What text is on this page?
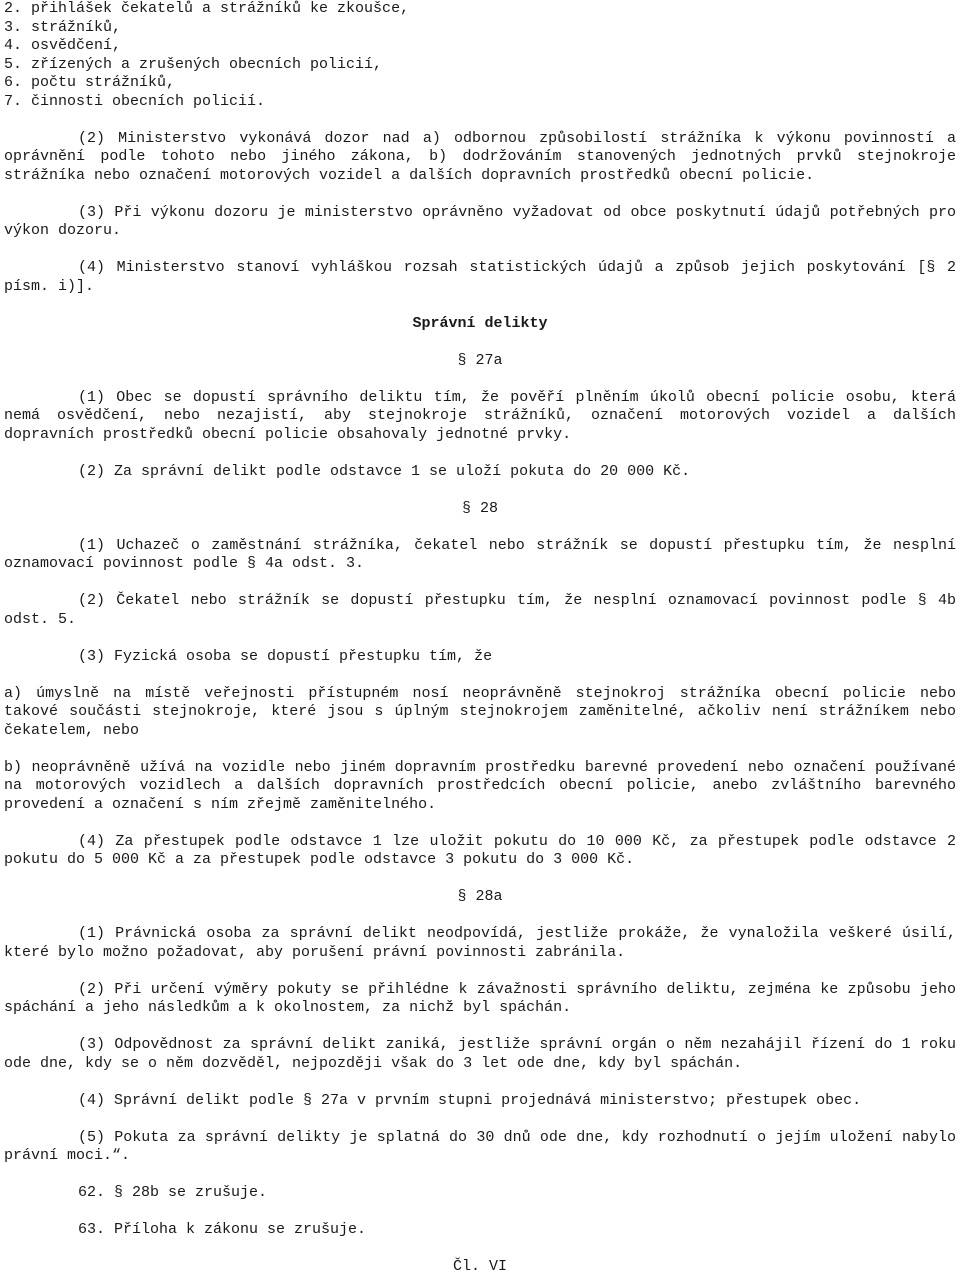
2. přihlášek čekatelů a strážníků ke zkoušce,

3. strážníků,

4. osvědčení,

5. zřízených a zrušených obecních policií,

6. počtu strážníků,

7. činnosti obecních policií.

(2) Ministerstvo vykonává dozor nad a) odbornou způsobilostí strážníka k výkonu povinností a oprávnění podle tohoto nebo jiného zákona, b) dodržováním stanovených jednotných prvků stejnokroje strážníka nebo označení motorových vozidel a dalších dopravních prostředků obecní policie.

(3) Při výkonu dozoru je ministerstvo oprávněno vyžadovat od obce poskytnutí údajů potřebných pro výkon dozoru.

(4) Ministerstvo stanoví vyhláškou rozsah statistických údajů a způsob jejich poskytování [§ 2 písm. i)].

Správní delikty

§ 27a

(1) Obec se dopustí správního deliktu tím, že pověří plněním úkolů obecní policie osobu, která nemá osvědčení, nebo nezajistí, aby stejnokroje strážníků, označení motorových vozidel a dalších dopravních prostředků obecní policie obsahovaly jednotné prvky.

(2) Za správní delikt podle odstavce 1 se uloží pokuta do 20 000 Kč.

§ 28

(1) Uchazeč o zaměstnání strážníka, čekatel nebo strážník se dopustí přestupku tím, že nesplní oznamovací povinnost podle § 4a odst. 3.

(2) Čekatel nebo strážník se dopustí přestupku tím, že nesplní oznamovací povinnost podle § 4b odst. 5.

(3) Fyzická osoba se dopustí přestupku tím, že

a) úmyslně na místě veřejnosti přístupném nosí neoprávněně stejnokroj strážníka obecní policie nebo takové součásti stejnokroje, které jsou s úplným stejnokrojem zaměnitelné, ačkoliv není strážníkem nebo čekatelem, nebo

b) neoprávněně užívá na vozidle nebo jiném dopravním prostředku barevné provedení nebo označení používané na motorových vozidlech a dalších dopravních prostředcích obecní policie, anebo zvláštního barevného provedení a označení s ním zřejmě zaměnitelného.

(4) Za přestupek podle odstavce 1 lze uložit pokutu do 10 000 Kč, za přestupek podle odstavce 2 pokutu do 5 000 Kč a za přestupek podle odstavce 3 pokutu do 3 000 Kč.

§ 28a

(1) Právnická osoba za správní delikt neodpovídá, jestliže prokáže, že vynaložila veškeré úsilí, které bylo možno požadovat, aby porušení právní povinnosti zabránila.

(2) Při určení výměry pokuty se přihlédne k závažnosti správního deliktu, zejména ke způsobu jeho spáchání a jeho následkům a k okolnostem, za nichž byl spáchán.

(3) Odpovědnost za správní delikt zaniká, jestliže správní orgán o něm nezahájil řízení do 1 roku ode dne, kdy se o něm dozvěděl, nejpozději však do 3 let ode dne, kdy byl spáchán.

(4) Správní delikt podle § 27a v prvním stupni projednává ministerstvo; přestupek obec.

(5) Pokuta za správní delikty je splatná do 30 dnů ode dne, kdy rozhodnutí o jejím uložení nabylo právní moci.“.

62. § 28b se zrušuje.

63. Příloha k zákonu se zrušuje.

Čl. VI
